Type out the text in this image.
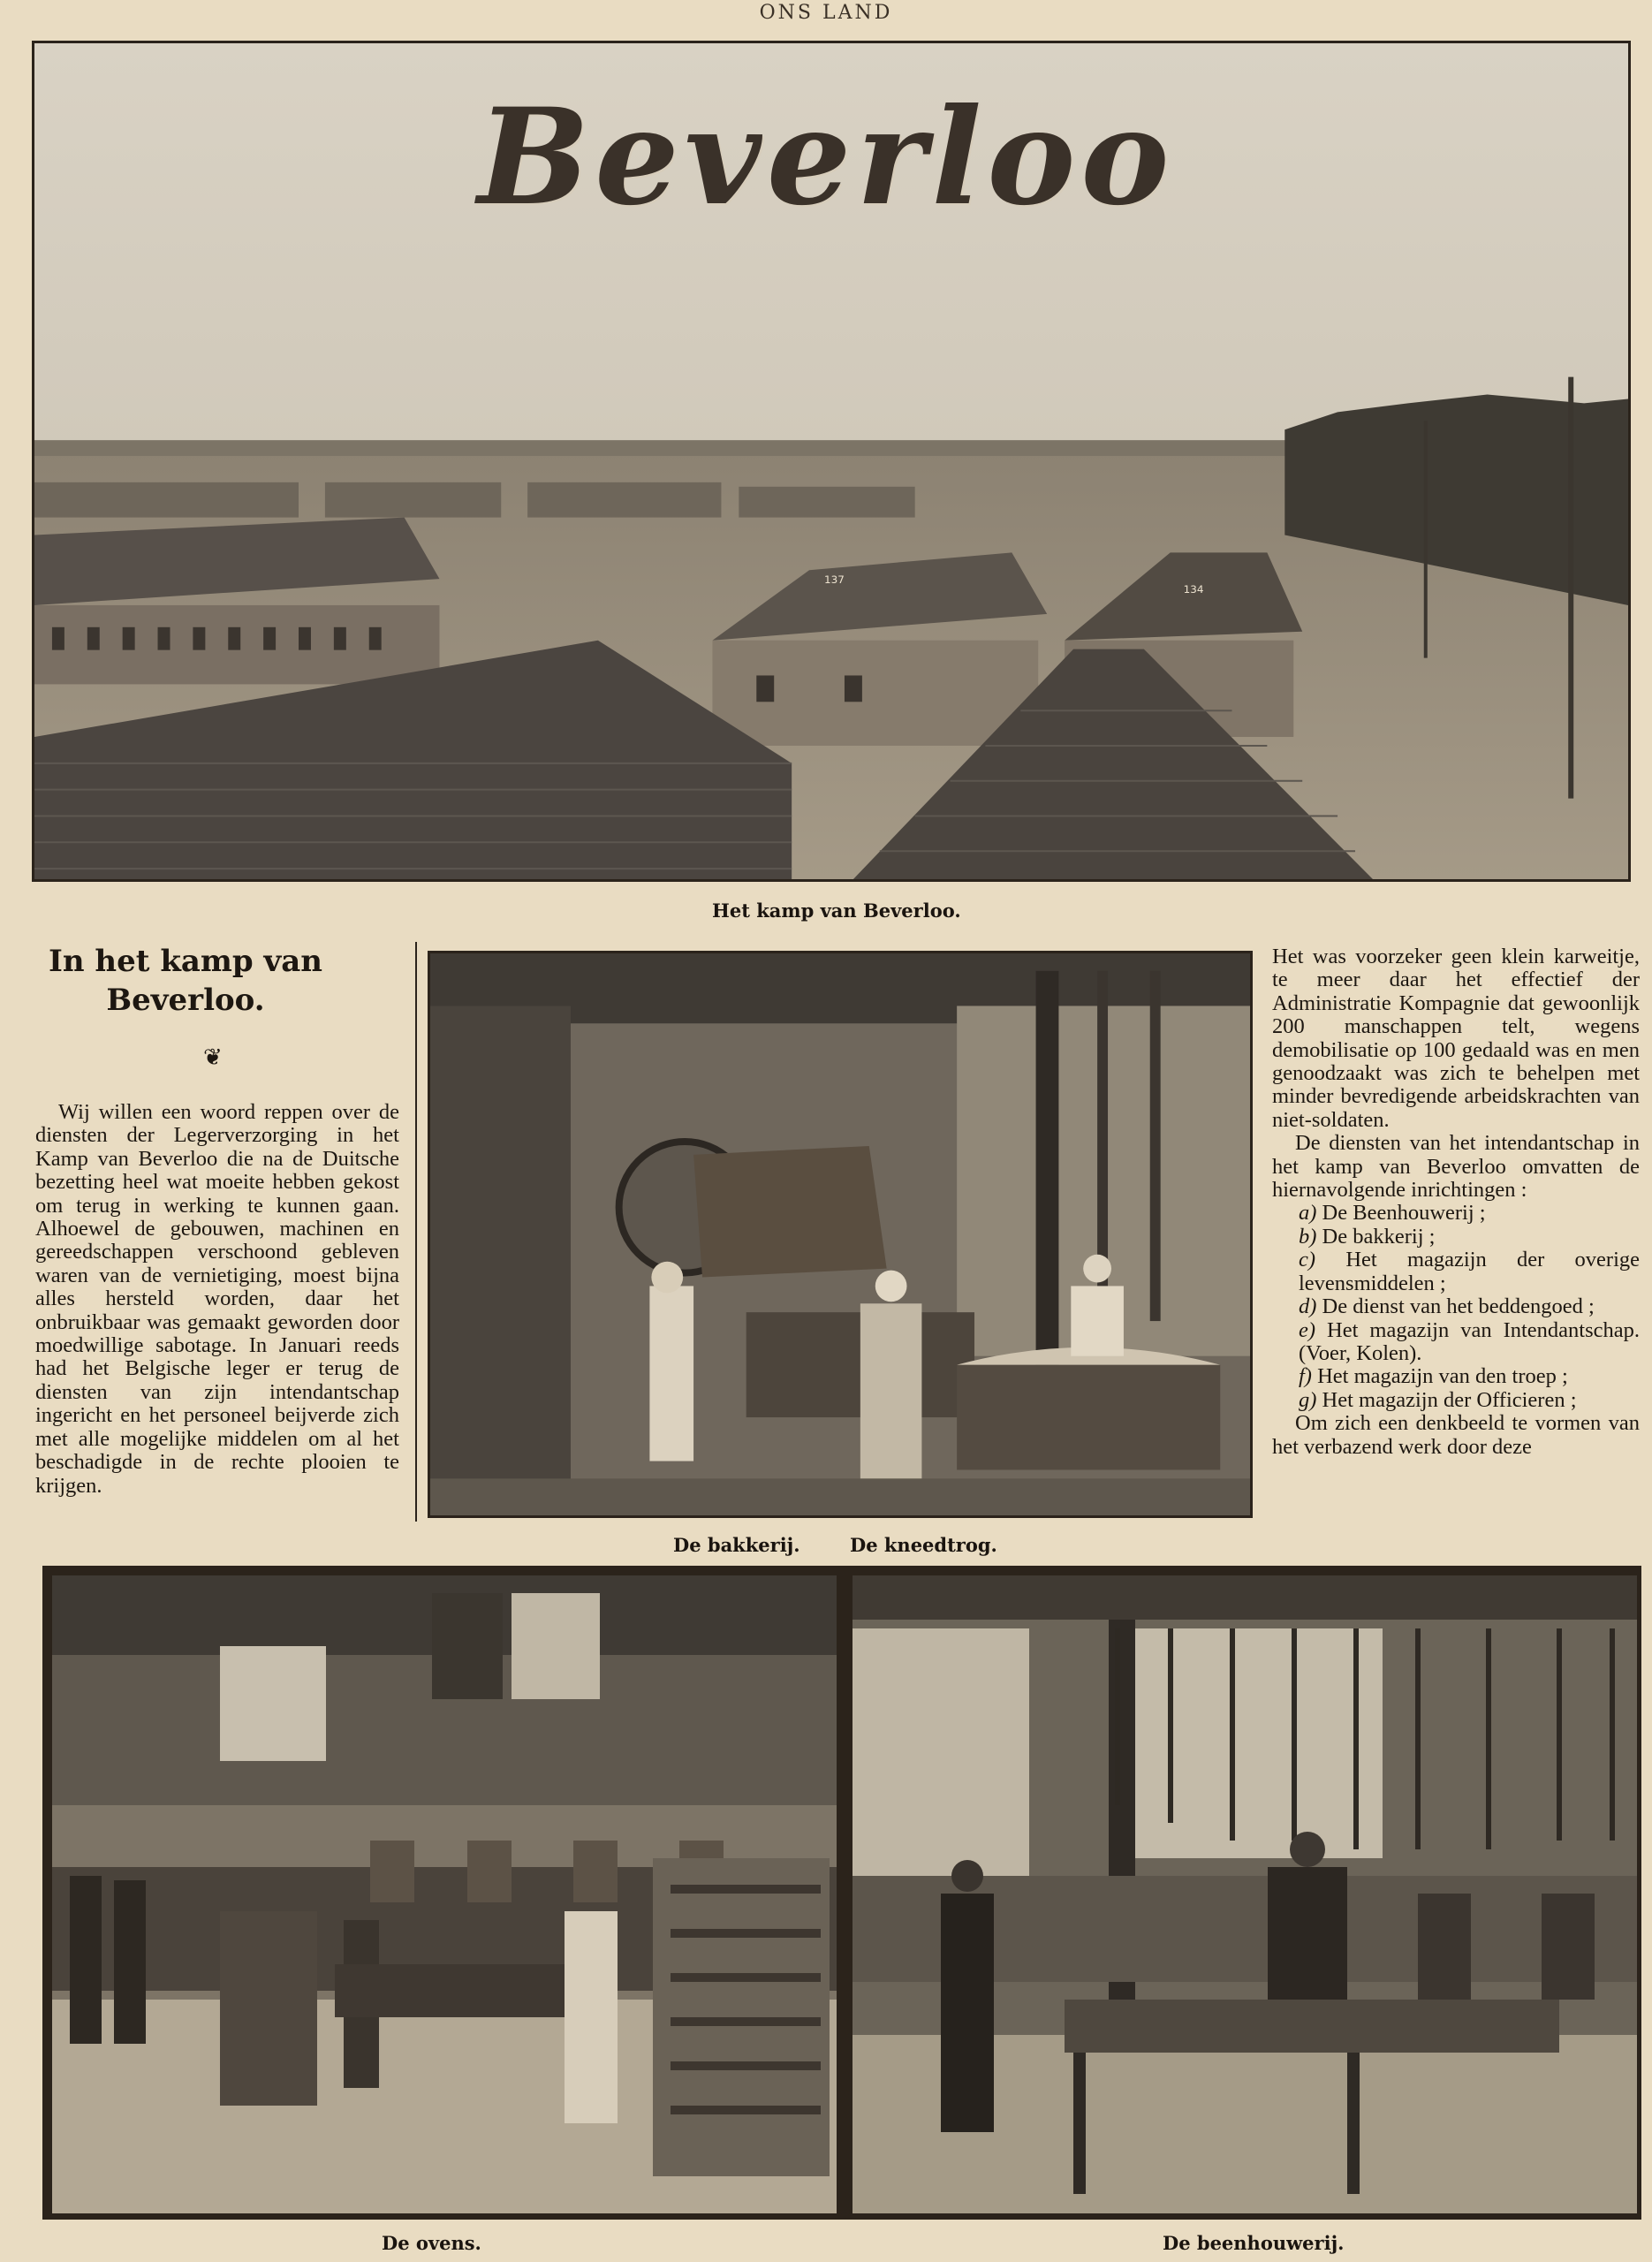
ONS LAND
137
134
Beverloo
Het kamp van Beverloo.
In het kamp van Beverloo.
❦

Wij willen een woord reppen over de diensten der Legerverzorging in het Kamp van Beverloo die na de Duitsche bezetting heel wat moeite hebben gekost om terug in werking te kunnen gaan. Alhoewel de gebouwen, machinen en gereedschappen verschoond gebleven waren van de vernietiging, moest bijna alles hersteld worden, daar het onbruikbaar was gemaakt geworden door moedwillige sabotage. In Januari reeds had het Belgische leger er terug de diensten van zijn intendantschap ingericht en het personeel beijverde zich met alle mogelijke middelen om al het beschadigde in de rechte plooien te krijgen.

De bakkerij.	De kneedtrog.

Het was voorzeker geen klein karweitje, te meer daar het effectief der Administratie Kompagnie dat gewoonlijk 200 manschappen telt, wegens demobilisatie op 100 gedaald was en men genoodzaakt was zich te behelpen met minder bevredigende arbeidskrachten van niet-soldaten.

De diensten van het intendantschap in het kamp van Beverloo omvatten de hiernavolgende inrichtingen :

a) De Beenhouwerij ;
b) De bakkerij ;
c) Het magazijn der overige levensmiddelen ;
d) De dienst van het beddengoed ;
e) Het magazijn van Intendantschap. (Voer, Kolen).
f) Het magazijn van den troep ;
g) Het magazijn der Officieren ;

Om zich een denkbeeld te vormen van het verbazend werk door deze

De ovens.	De beenhouwerij.
